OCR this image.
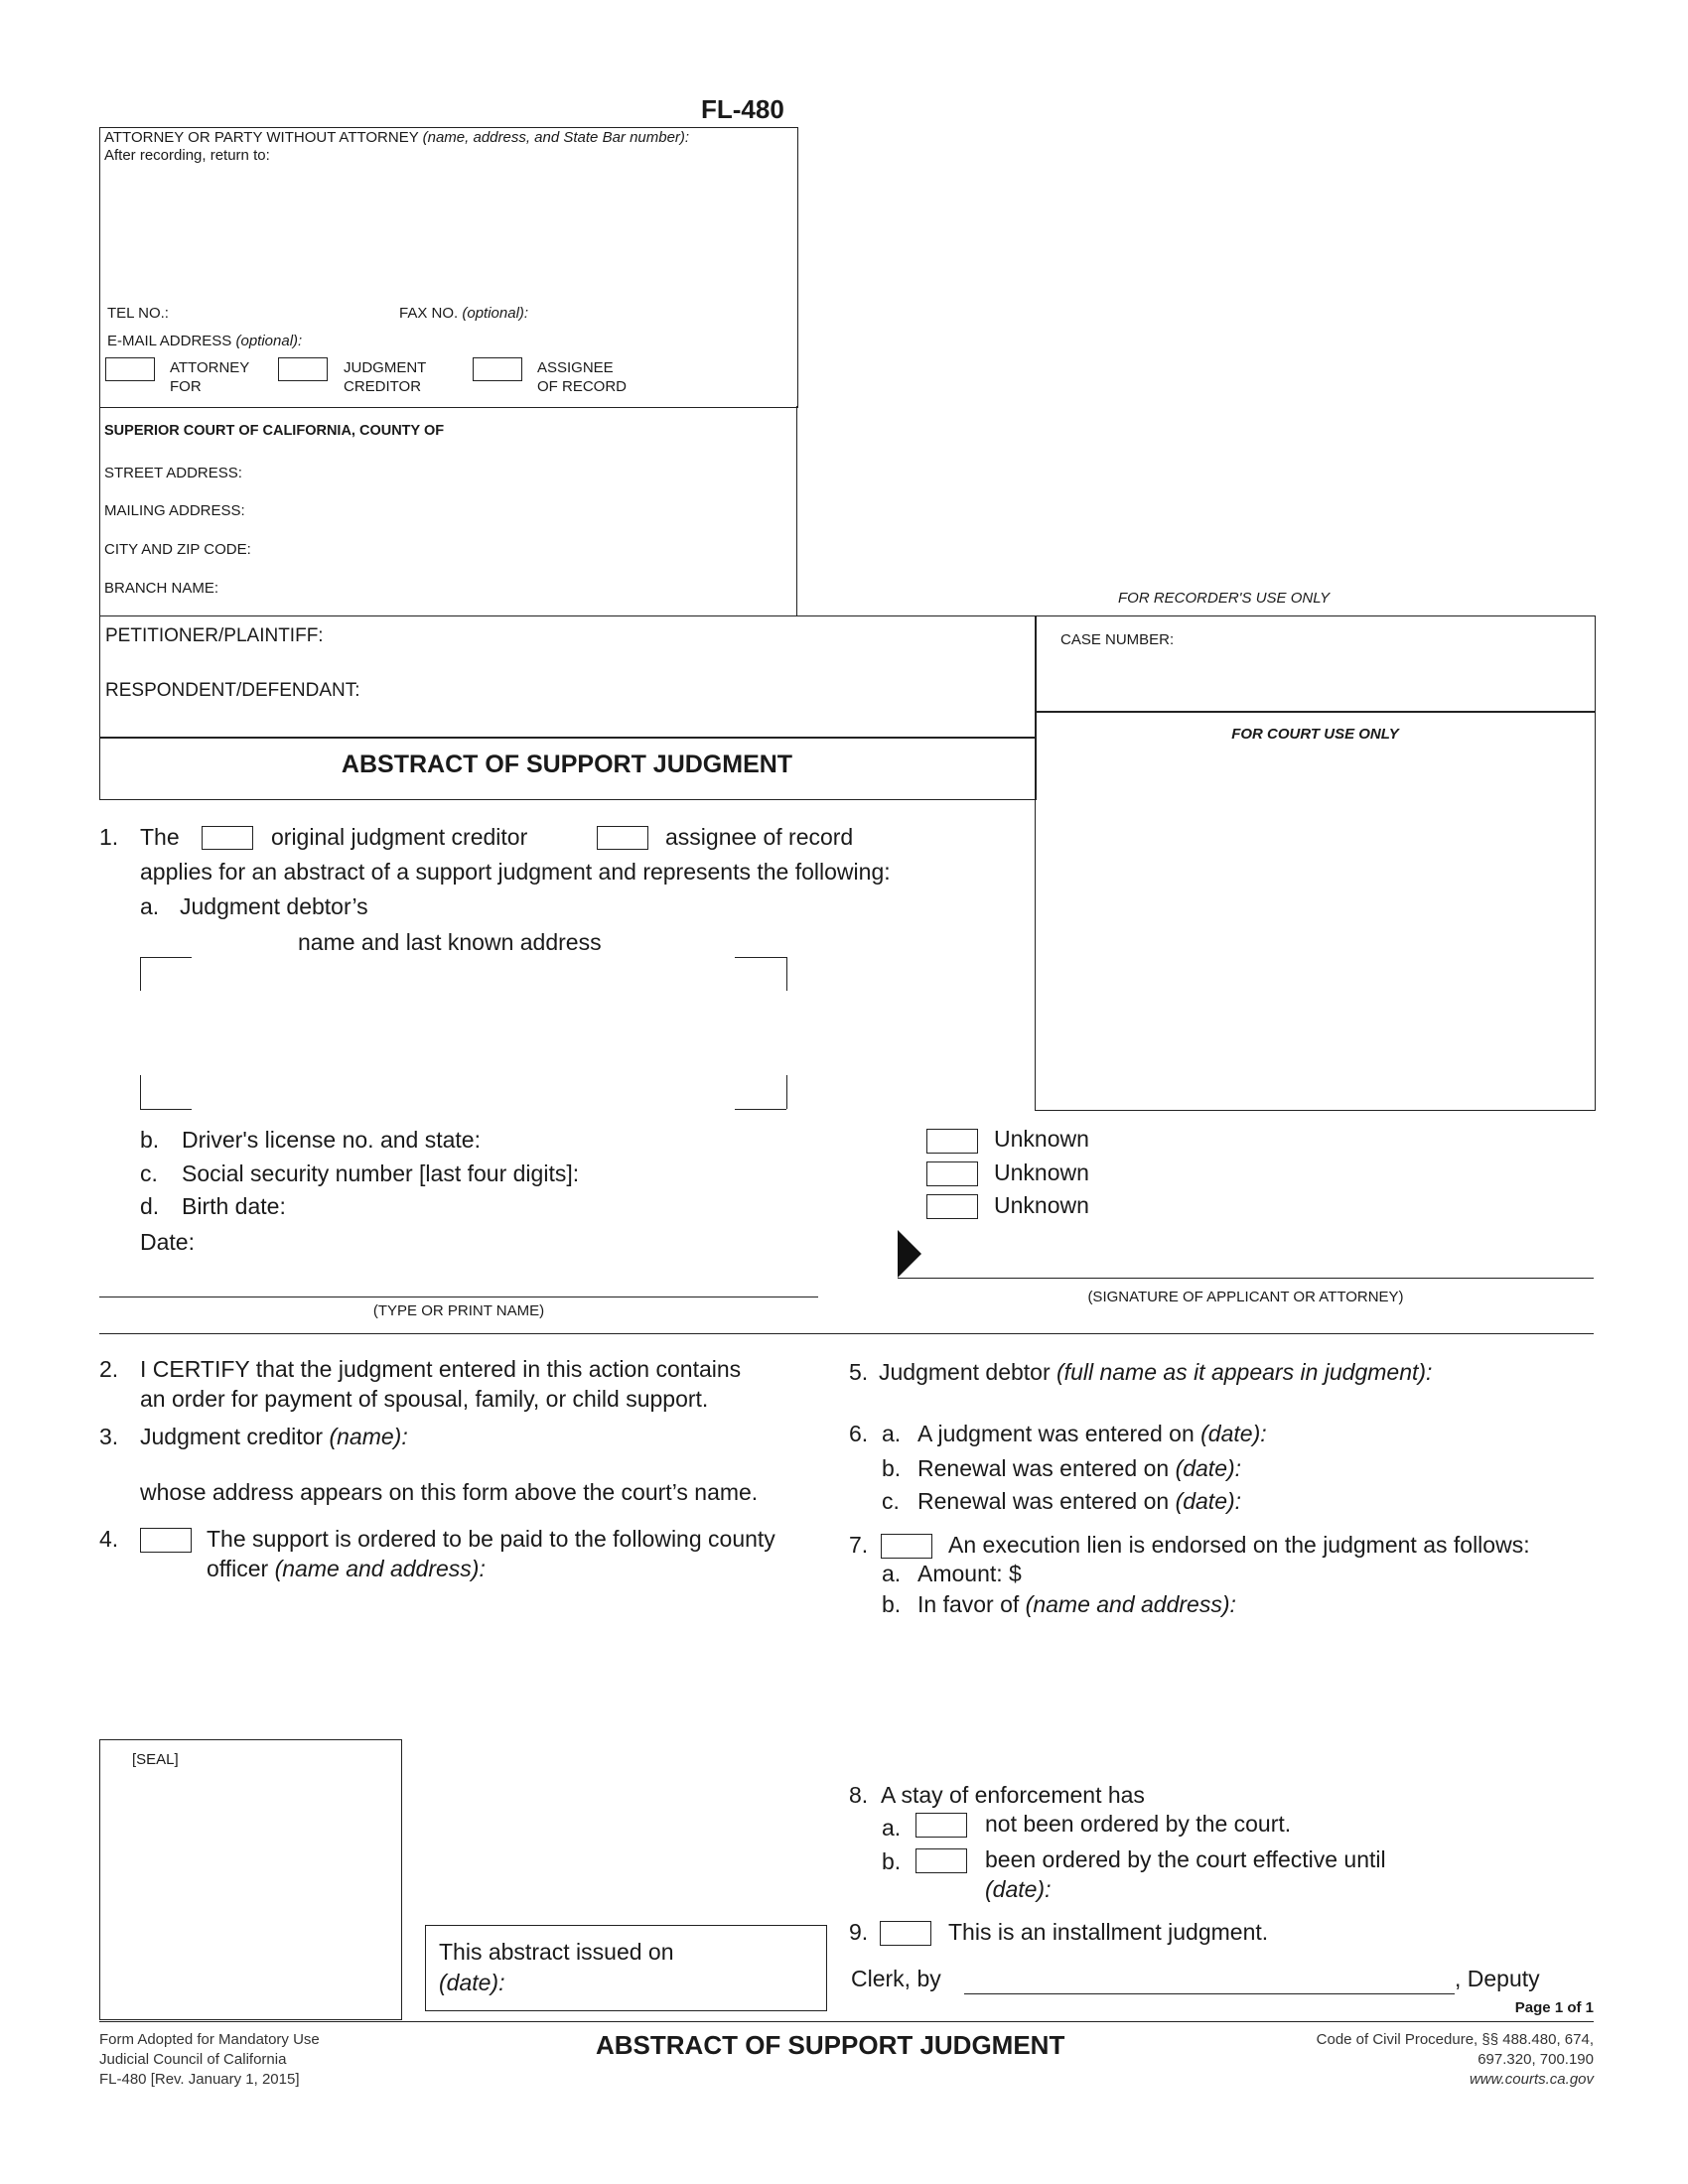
FL-480
ATTORNEY OR PARTY WITHOUT ATTORNEY (name, address, and State Bar number):
After recording, return to:
TEL NO.:	FAX NO. (optional):
E-MAIL ADDRESS (optional):
ATTORNEY
FOR
JUDGMENT
CREDITOR
ASSIGNEE
OF RECORD
SUPERIOR COURT OF CALIFORNIA, COUNTY OF
STREET ADDRESS:
MAILING ADDRESS:
CITY AND ZIP CODE:
BRANCH NAME:
FOR RECORDER'S USE ONLY
PETITIONER/PLAINTIFF:
RESPONDENT/DEFENDANT:
ABSTRACT OF SUPPORT JUDGMENT
CASE NUMBER:
FOR COURT USE ONLY
1. The	original judgment creditor	assignee of record
applies for an abstract of a support judgment and represents the following:
a. Judgment debtor’s
name and last known address
b. Driver's license no. and state:
c. Social security number [last four digits]:
d. Birth date:
Unknown
Unknown
Unknown
Date:
(TYPE OR PRINT NAME)
(SIGNATURE OF APPLICANT OR ATTORNEY)
2. I CERTIFY that the judgment entered in this action contains
an order for payment of spousal, family, or child support.
3. Judgment creditor (name):
whose address appears on this form above the court’s name.
4.	The support is ordered to be paid to the following county
officer (name and address):
5. Judgment debtor (full name as it appears in judgment):
6. a. A judgment was entered on (date):
b. Renewal was entered on (date):
c. Renewal was entered on (date):
7.	An execution lien is endorsed on the judgment as follows:
a. Amount: $
b. In favor of (name and address):
[SEAL]
This abstract issued on
(date):
8. A stay of enforcement has
a.	not been ordered by the court.
b.	been ordered by the court effective until
(date):
9.	This is an installment judgment.
Clerk, by	, Deputy
Page 1 of 1
Form Adopted for Mandatory Use
Judicial Council of California
FL-480 [Rev. January 1, 2015]
ABSTRACT OF SUPPORT JUDGMENT	Code of Civil Procedure, §§ 488.480, 674,
697.320, 700.190
www.courts.ca.gov
